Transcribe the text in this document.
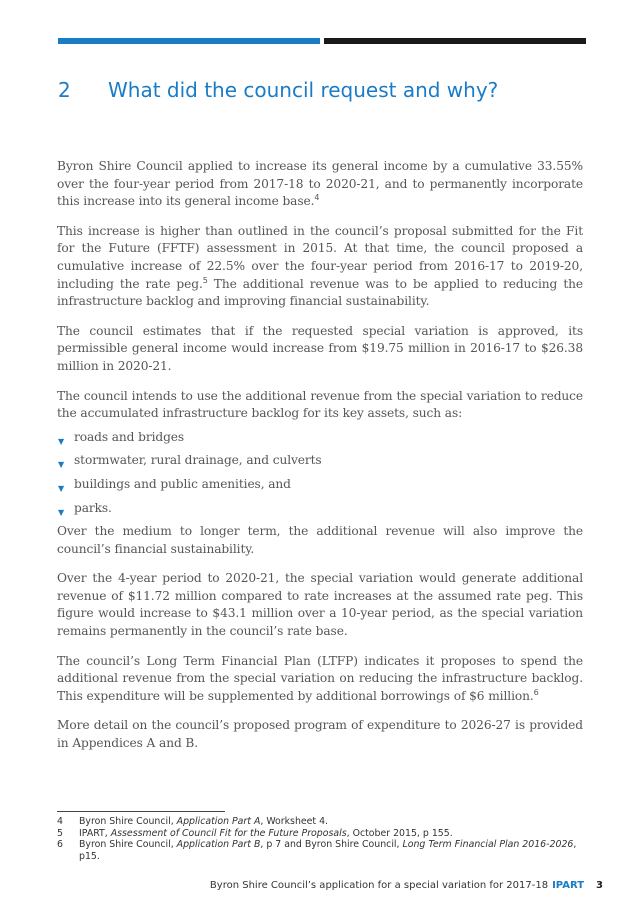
2 What did the council request and why?

Byron Shire Council applied to increase its general income by a cumulative 33.55% over the four-year period from 2017-18 to 2020-21, and to permanently incorporate this increase into its general income base.$^4$

This increase is higher than outlined in the council’s proposal submitted for the Fit for the Future (FFTF) assessment in 2015. At that time, the council proposed a cumulative increase of 22.5% over the four-year period from 2016-17 to 2019-20, including the rate peg.$^5$ The additional revenue was to be applied to reducing the infrastructure backlog and improving financial sustainability.

The council estimates that if the requested special variation is approved, its permissible general income would increase from $19.75 million in 2016-17 to $26.38 million in 2020-21.

The council intends to use the additional revenue from the special variation to reduce the accumulated infrastructure backlog for its key assets, such as:

▼ roads and bridges
▼ stormwater, rural drainage, and culverts
▼ buildings and public amenities, and
▼ parks.

Over the medium to longer term, the additional revenue will also improve the council’s financial sustainability.

Over the 4-year period to 2020-21, the special variation would generate additional revenue of $11.72 million compared to rate increases at the assumed rate peg. This figure would increase to $43.1 million over a 10-year period, as the special variation remains permanently in the council’s rate base.

The council’s Long Term Financial Plan (LTFP) indicates it proposes to spend the additional revenue from the special variation on reducing the infrastructure backlog. This expenditure will be supplemented by additional borrowings of $6 million.$^6$

More detail on the council’s proposed program of expenditure to 2026-27 is provided in Appendices A and B.

4	Byron Shire Council, Application Part A, Worksheet 4.
5	IPART, Assessment of Council Fit for the Future Proposals, October 2015, p 155.
6	Byron Shire Council, Application Part B, p 7 and Byron Shire Council, Long Term Financial Plan 2016-2026, p15.
Byron Shire Council’s application for a special variation for 2017-18 IPART 3
